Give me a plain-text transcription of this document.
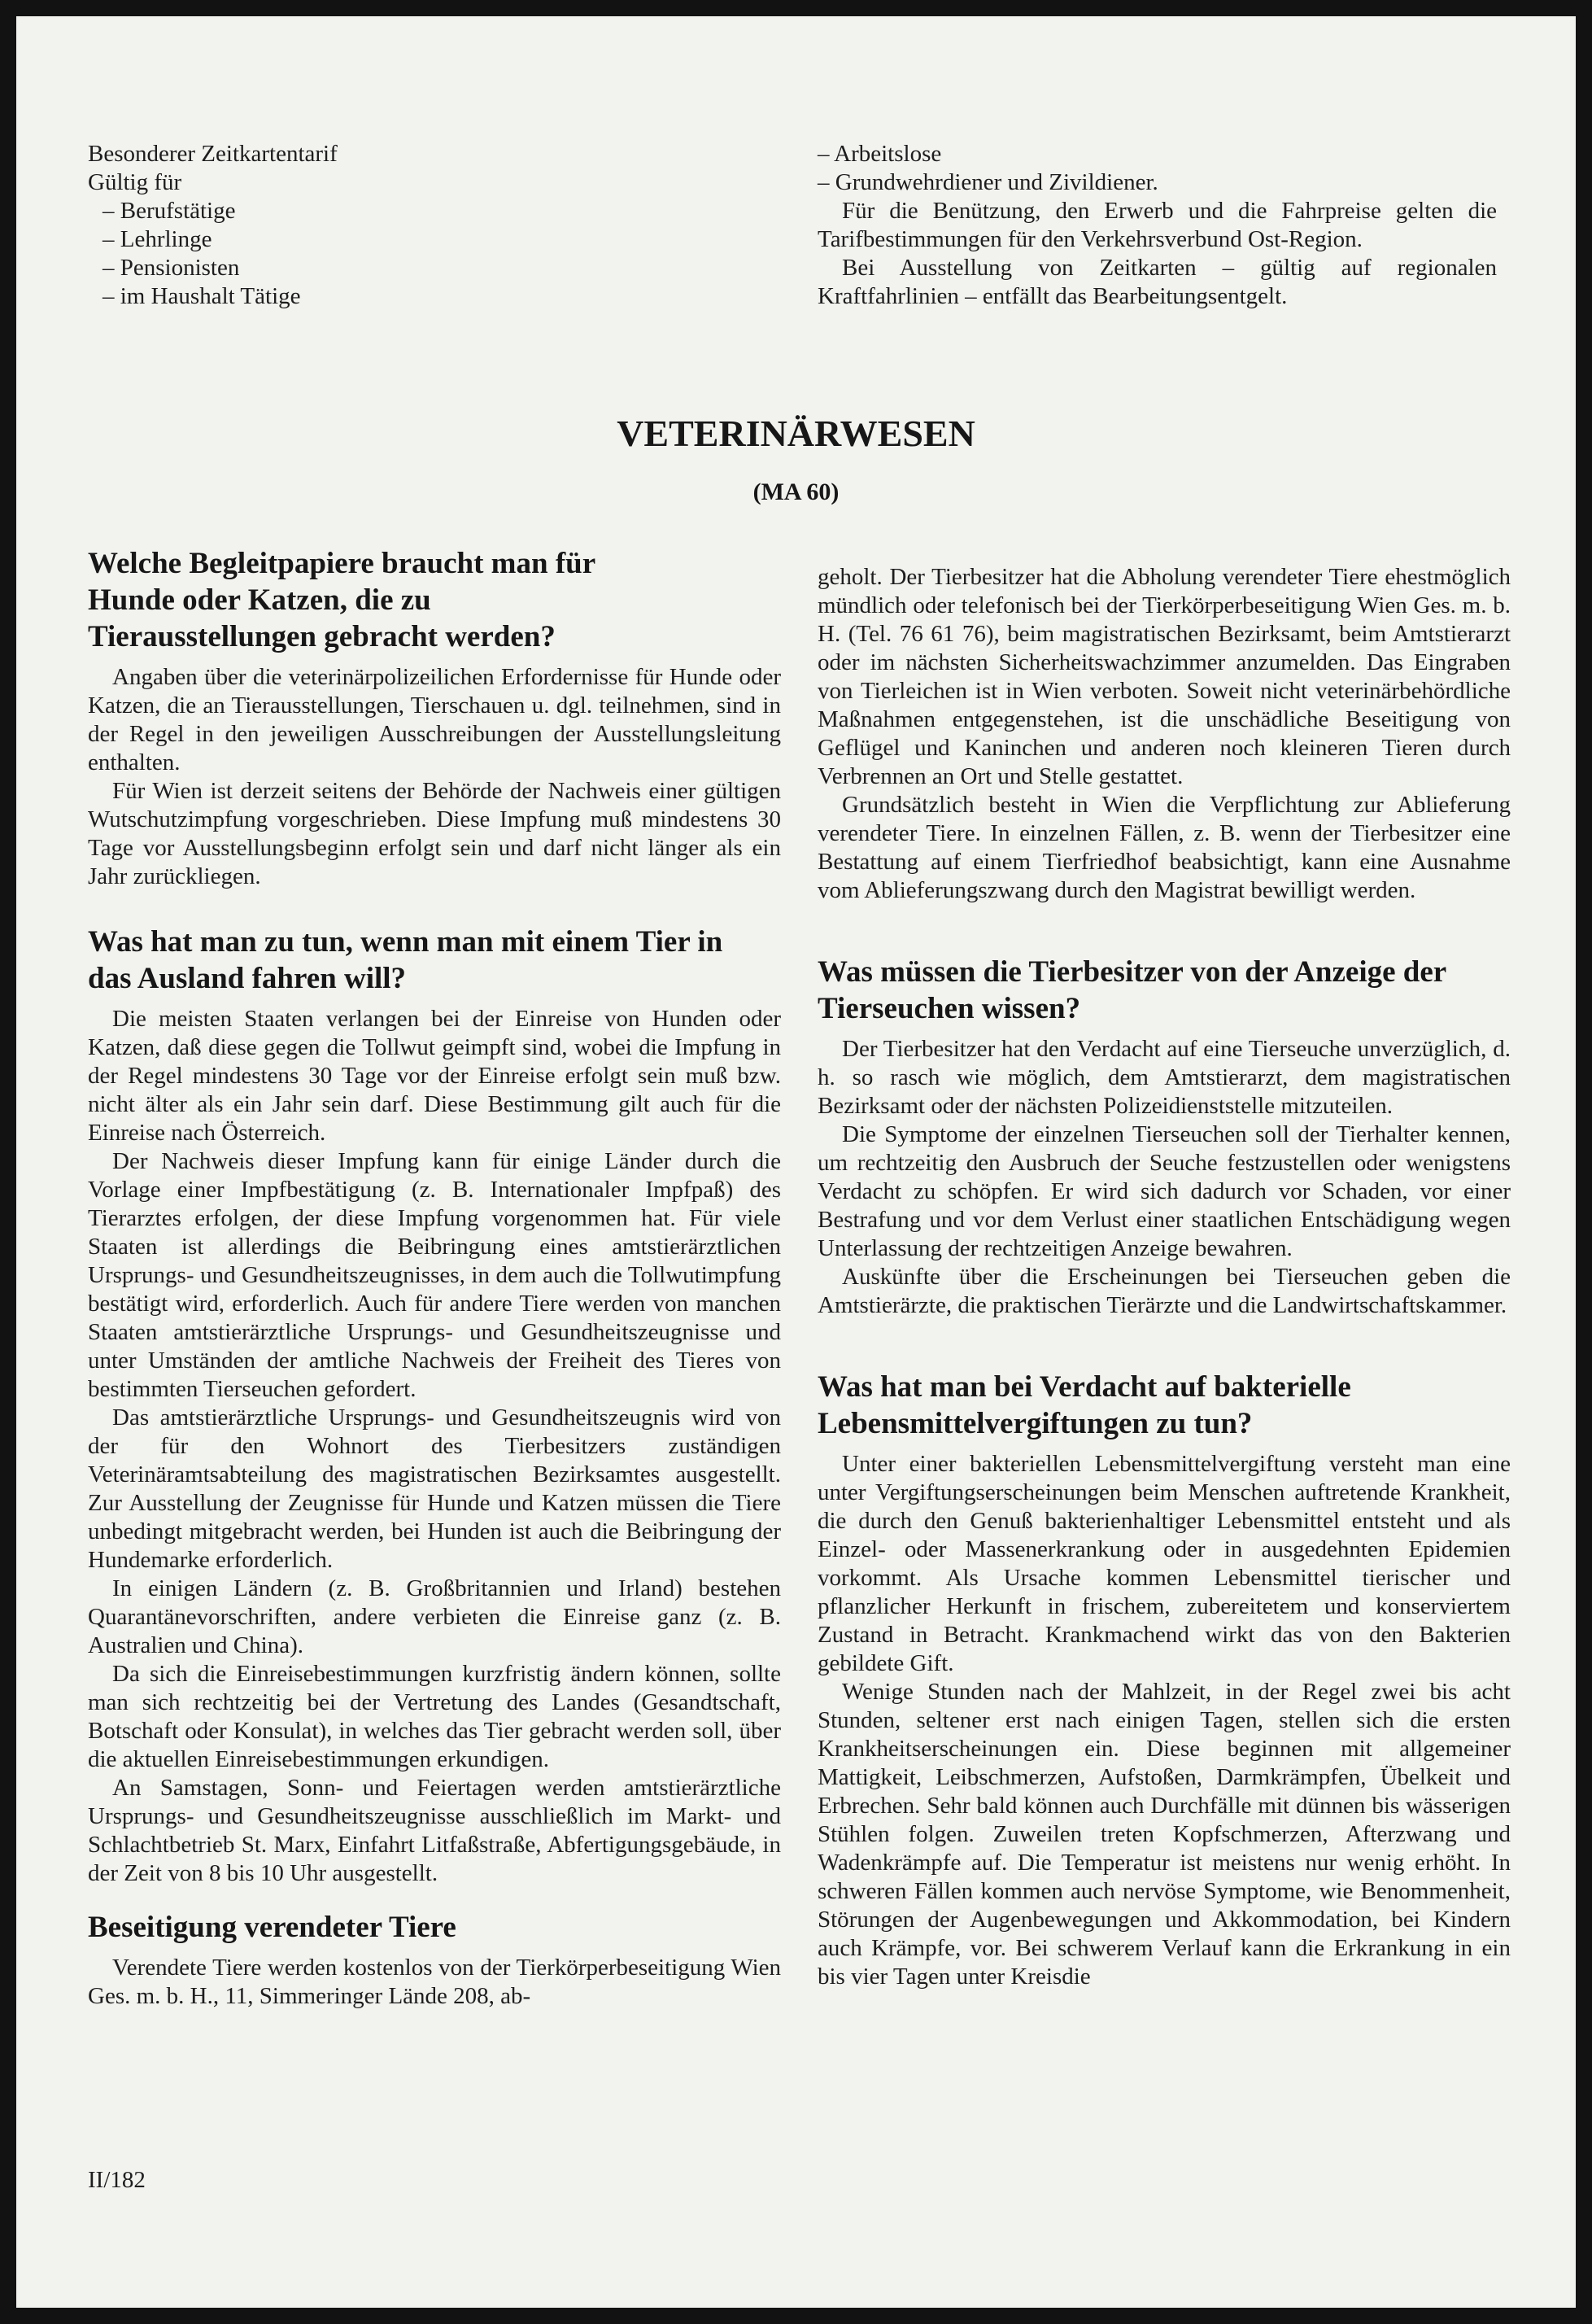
Besonderer Zeitkartentarif
Gültig für
– Berufstätige
– Lehrlinge
– Pensionisten
– im Haushalt Tätige

– Arbeitslose

– Grundwehrdiener und Zivildiener.

Für die Benützung, den Erwerb und die Fahrpreise gelten die Tarifbestimmungen für den Verkehrsverbund Ost-Region.

Bei Ausstellung von Zeitkarten – gültig auf regionalen Kraftfahrlinien – entfällt das Bearbeitungsentgelt.

VETERINÄRWESEN
(MA 60)
Welche Begleitpapiere braucht man für Hunde oder Katzen, die zu Tierausstellungen gebracht werden?

Angaben über die veterinärpolizeilichen Erfordernisse für Hunde oder Katzen, die an Tierausstellungen, Tierschauen u. dgl. teilnehmen, sind in der Regel in den jeweiligen Ausschreibungen der Ausstellungsleitung enthalten.

Für Wien ist derzeit seitens der Behörde der Nachweis einer gültigen Wutschutzimpfung vorgeschrieben. Diese Impfung muß mindestens 30 Tage vor Ausstellungsbeginn erfolgt sein und darf nicht länger als ein Jahr zurückliegen.

Was hat man zu tun, wenn man mit einem Tier in das Ausland fahren will?

Die meisten Staaten verlangen bei der Einreise von Hunden oder Katzen, daß diese gegen die Tollwut geimpft sind, wobei die Impfung in der Regel mindestens 30 Tage vor der Einreise erfolgt sein muß bzw. nicht älter als ein Jahr sein darf. Diese Bestimmung gilt auch für die Einreise nach Österreich.

Der Nachweis dieser Impfung kann für einige Länder durch die Vorlage einer Impfbestätigung (z. B. Internationaler Impfpaß) des Tierarztes erfolgen, der diese Impfung vorgenommen hat. Für viele Staaten ist allerdings die Beibringung eines amtstierärztlichen Ursprungs- und Gesundheitszeugnisses, in dem auch die Tollwutimpfung bestätigt wird, erforderlich. Auch für andere Tiere werden von manchen Staaten amtstierärztliche Ursprungs- und Gesundheitszeugnisse und unter Umständen der amtliche Nachweis der Freiheit des Tieres von bestimmten Tierseuchen gefordert.

Das amtstierärztliche Ursprungs- und Gesundheitszeugnis wird von der für den Wohnort des Tierbesitzers zuständigen Veterinäramtsabteilung des magistratischen Bezirksamtes ausgestellt. Zur Ausstellung der Zeugnisse für Hunde und Katzen müssen die Tiere unbedingt mitgebracht werden, bei Hunden ist auch die Beibringung der Hundemarke erforderlich.

In einigen Ländern (z. B. Großbritannien und Irland) bestehen Quarantänevorschriften, andere verbieten die Einreise ganz (z. B. Australien und China).

Da sich die Einreisebestimmungen kurzfristig ändern können, sollte man sich rechtzeitig bei der Vertretung des Landes (Gesandtschaft, Botschaft oder Konsulat), in welches das Tier gebracht werden soll, über die aktuellen Einreisebestimmungen erkundigen.

An Samstagen, Sonn- und Feiertagen werden amtstierärztliche Ursprungs- und Gesundheitszeugnisse ausschließlich im Markt- und Schlachtbetrieb St. Marx, Einfahrt Litfaßstraße, Abfertigungsgebäude, in der Zeit von 8 bis 10 Uhr ausgestellt.

Beseitigung verendeter Tiere

Verendete Tiere werden kostenlos von der Tierkörperbeseitigung Wien Ges. m. b. H., 11, Simmeringer Lände 208, ab-

geholt. Der Tierbesitzer hat die Abholung verendeter Tiere ehestmöglich mündlich oder telefonisch bei der Tierkörperbeseitigung Wien Ges. m. b. H. (Tel. 76 61 76), beim magistratischen Bezirksamt, beim Amtstierarzt oder im nächsten Sicherheitswachzimmer anzumelden. Das Eingraben von Tierleichen ist in Wien verboten. Soweit nicht veterinärbehördliche Maßnahmen entgegenstehen, ist die unschädliche Beseitigung von Geflügel und Kaninchen und anderen noch kleineren Tieren durch Verbrennen an Ort und Stelle gestattet.

Grundsätzlich besteht in Wien die Verpflichtung zur Ablieferung verendeter Tiere. In einzelnen Fällen, z. B. wenn der Tierbesitzer eine Bestattung auf einem Tierfriedhof beabsichtigt, kann eine Ausnahme vom Ablieferungszwang durch den Magistrat bewilligt werden.

Was müssen die Tierbesitzer von der Anzeige der Tierseuchen wissen?

Der Tierbesitzer hat den Verdacht auf eine Tierseuche unverzüglich, d. h. so rasch wie möglich, dem Amtstierarzt, dem magistratischen Bezirksamt oder der nächsten Polizeidienststelle mitzuteilen.

Die Symptome der einzelnen Tierseuchen soll der Tierhalter kennen, um rechtzeitig den Ausbruch der Seuche festzustellen oder wenigstens Verdacht zu schöpfen. Er wird sich dadurch vor Schaden, vor einer Bestrafung und vor dem Verlust einer staatlichen Entschädigung wegen Unterlassung der rechtzeitigen Anzeige bewahren.

Auskünfte über die Erscheinungen bei Tierseuchen geben die Amtstierärzte, die praktischen Tierärzte und die Landwirtschaftskammer.

Was hat man bei Verdacht auf bakterielle Lebensmittelvergiftungen zu tun?

Unter einer bakteriellen Lebensmittelvergiftung versteht man eine unter Vergiftungserscheinungen beim Menschen auftretende Krankheit, die durch den Genuß bakterienhaltiger Lebensmittel entsteht und als Einzel- oder Massenerkrankung oder in ausgedehnten Epidemien vorkommt. Als Ursache kommen Lebensmittel tierischer und pflanzlicher Herkunft in frischem, zubereitetem und konserviertem Zustand in Betracht. Krankmachend wirkt das von den Bakterien gebildete Gift.

Wenige Stunden nach der Mahlzeit, in der Regel zwei bis acht Stunden, seltener erst nach einigen Tagen, stellen sich die ersten Krankheitserscheinungen ein. Diese beginnen mit allgemeiner Mattigkeit, Leibschmerzen, Aufstoßen, Darmkrämpfen, Übelkeit und Erbrechen. Sehr bald können auch Durchfälle mit dünnen bis wässerigen Stühlen folgen. Zuweilen treten Kopfschmerzen, Afterzwang und Wadenkrämpfe auf. Die Temperatur ist meistens nur wenig erhöht. In schweren Fällen kommen auch nervöse Symptome, wie Benommenheit, Störungen der Augenbewegungen und Akkommodation, bei Kindern auch Krämpfe, vor. Bei schwerem Verlauf kann die Erkrankung in ein bis vier Tagen unter Kreisdie

II/182
